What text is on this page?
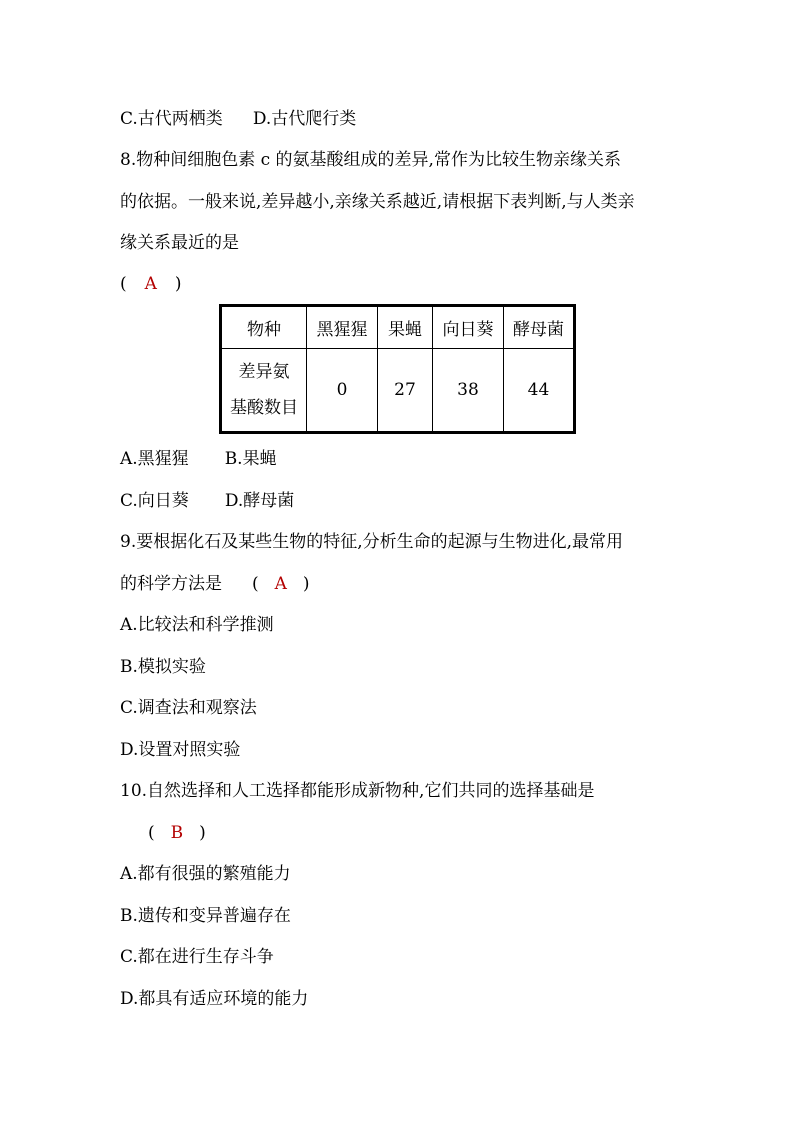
C.古代两栖类 D.古代爬行类
8.物种间细胞色素 c 的氨基酸组成的差异,常作为比较生物亲缘关系
的依据。一般来说,差异越小,亲缘关系越近,请根据下表判断,与人类亲
缘关系最近的是
( A )
物种	黑猩猩	果蝇	向日葵	酵母菌

差异氨
基酸数目	0	27	38	44
A.黑猩猩 B.果蝇
C.向日葵 D.酵母菌
9.要根据化石及某些生物的特征,分析生命的起源与生物进化,最常用
的科学方法是 ( A )
A.比较法和科学推测
B.模拟实验
C.调查法和观察法
D.设置对照实验
10.自然选择和人工选择都能形成新物种,它们共同的选择基础是
( B )
A.都有很强的繁殖能力
B.遗传和变异普遍存在
C.都在进行生存斗争
D.都具有适应环境的能力
